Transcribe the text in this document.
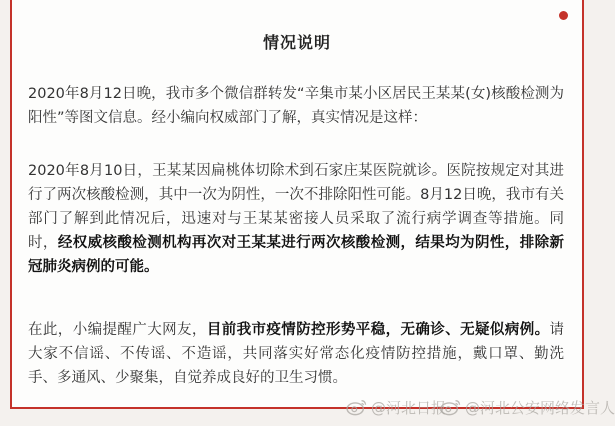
情况说明

2020年8月12日晚，我市多个微信群转发“辛集市某小区居民王某某(女)核酸检测为阳性”等图文信息。经小编向权威部门了解，真实情况是这样：

2020年8月10日，王某某因扁桃体切除术到石家庄某医院就诊。医院按规定对其进行了两次核酸检测，其中一次为阴性，一次不排除阳性可能。8月12日晚，我市有关部门了解到此情况后，迅速对与王某某密接人员采取了流行病学调查等措施。同时，经权威核酸检测机构再次对王某某进行两次核酸检测，结果均为阴性，排除新冠肺炎病例的可能。

在此，小编提醒广大网友，目前我市疫情防控形势平稳，无确诊、无疑似病例。请大家不信谣、不传谣、不造谣，共同落实好常态化疫情防控措施，戴口罩、勤洗手、多通风、少聚集，自觉养成良好的卫生习惯。

@河北日报 @河北公安网络发言人
